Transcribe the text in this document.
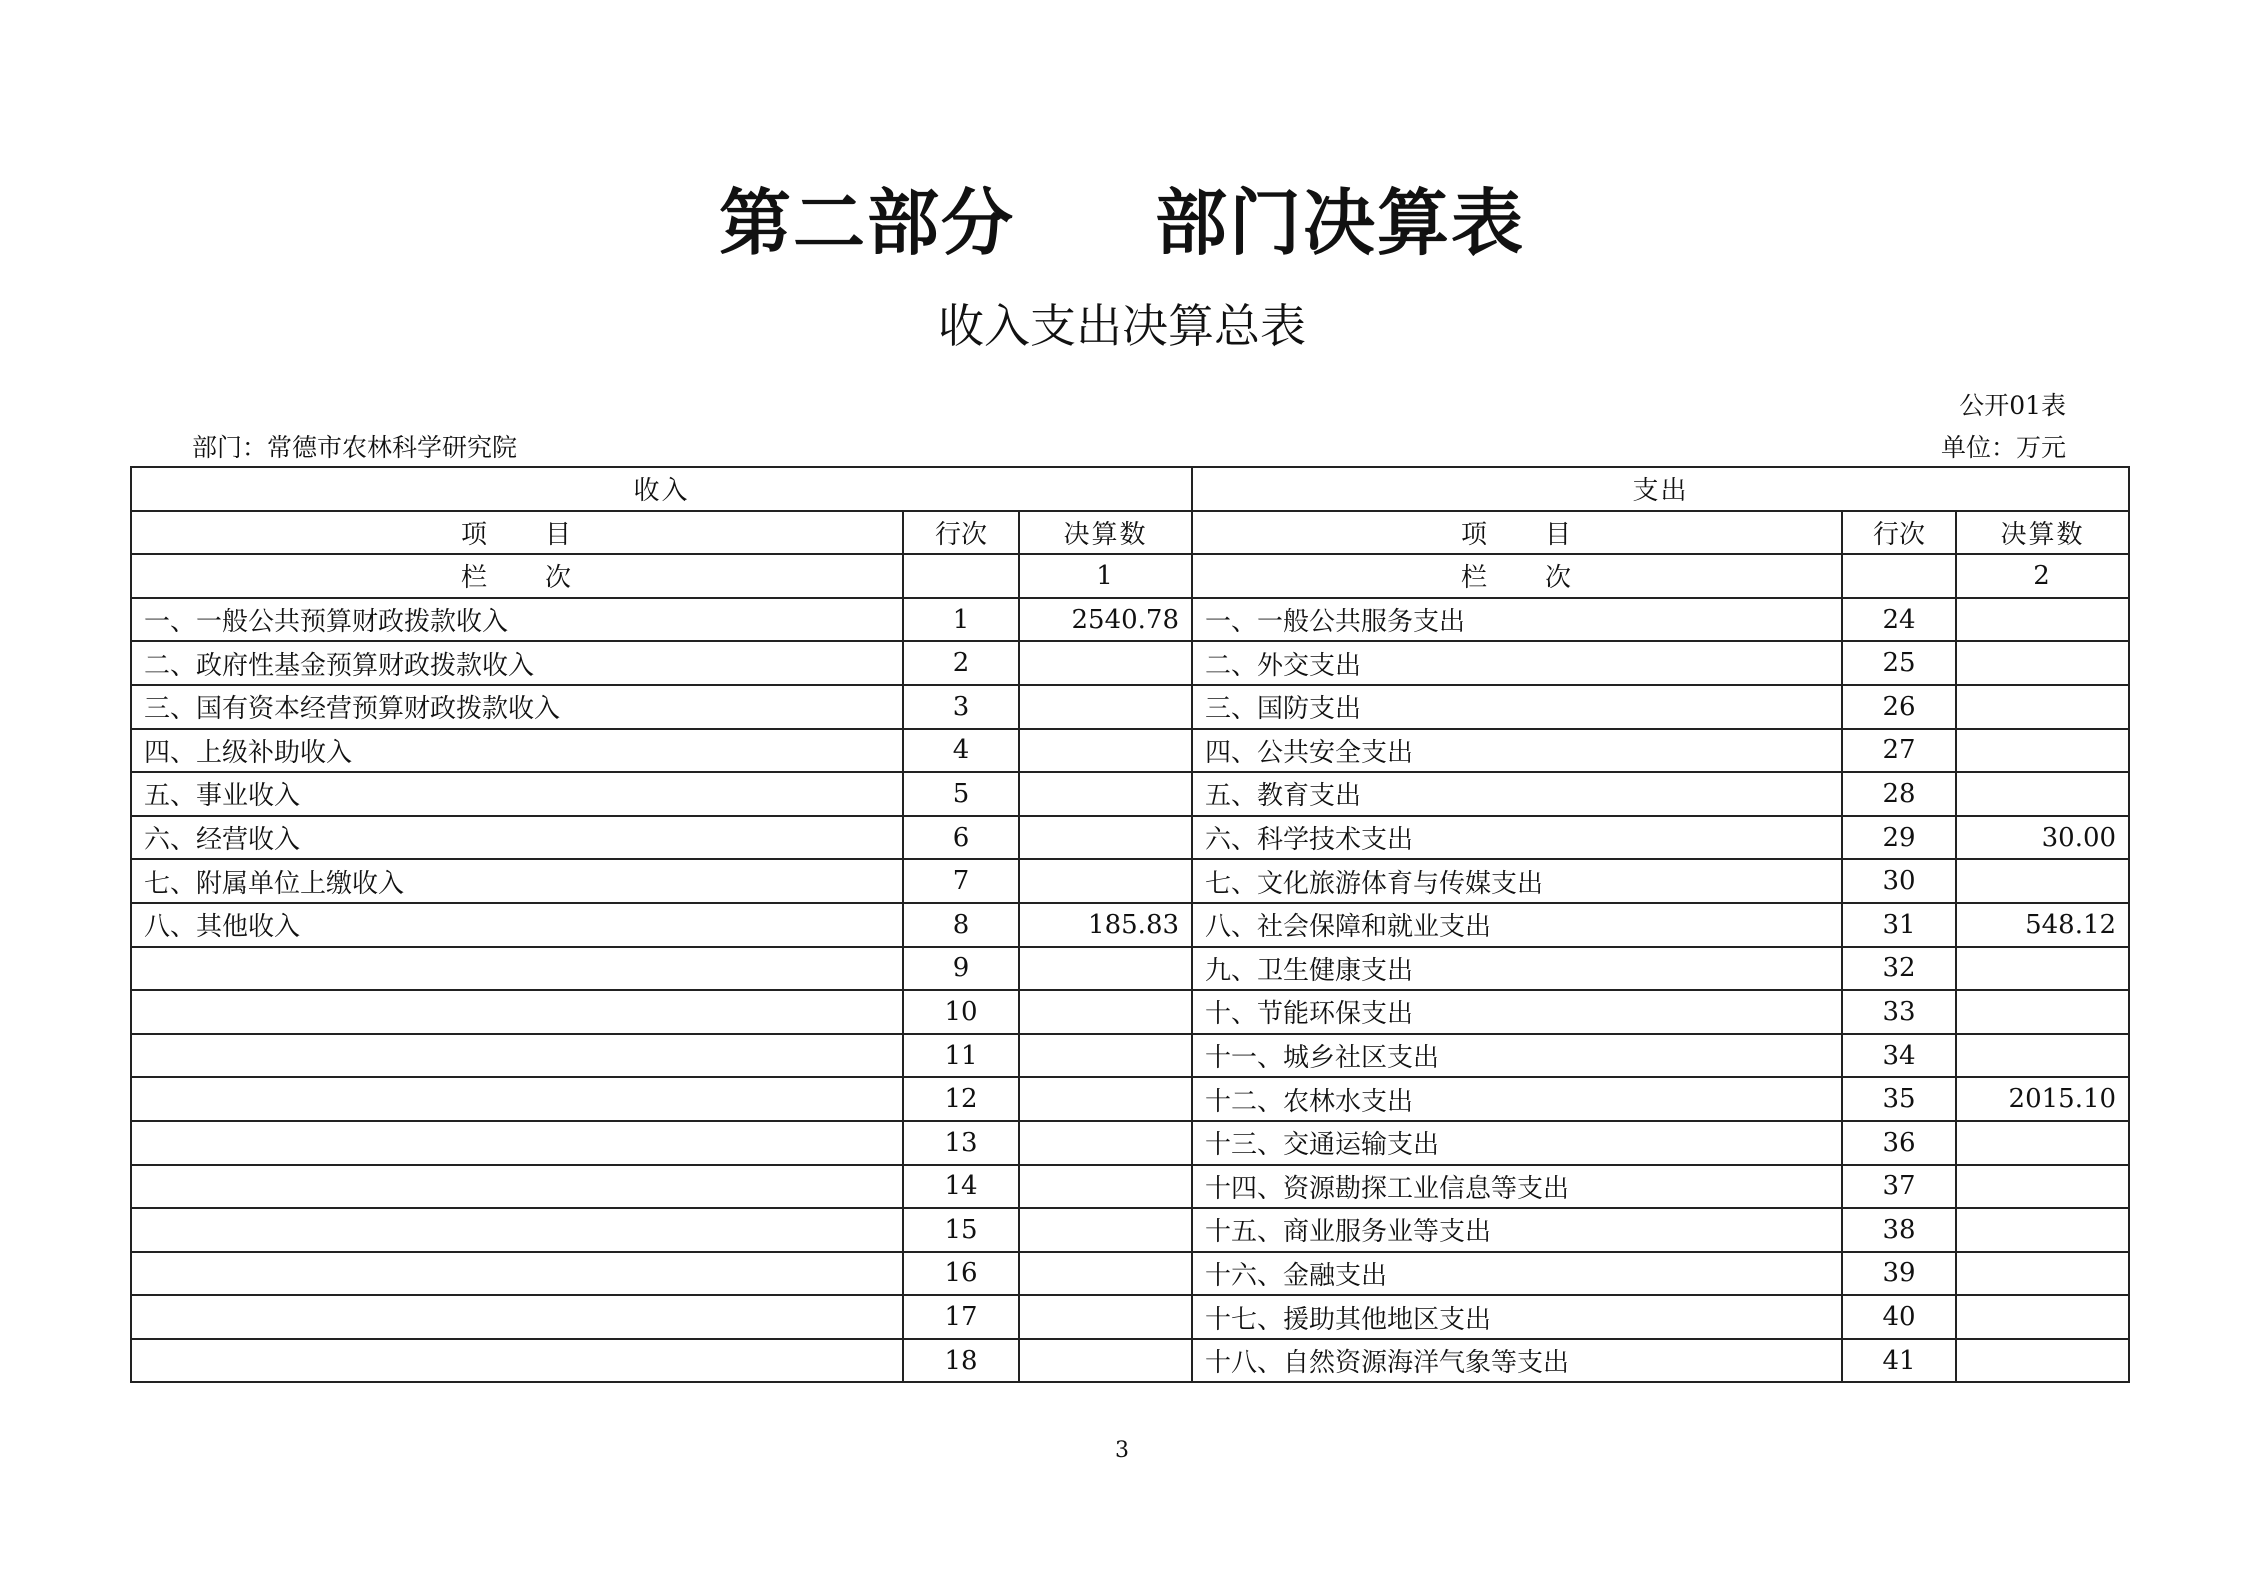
第二部分 部门决算表
收入支出决算总表
公开01表
部门：常德市农林科学研究院	单位：万元
收入			支出		
项　　目	行次	决算数	项　　目	行次	决算数
栏　　次		1	栏　　次		2
一、一般公共预算财政拨款收入	1	2540.78	一、一般公共服务支出	24	
二、政府性基金预算财政拨款收入	2		二、外交支出	25	
三、国有资本经营预算财政拨款收入	3		三、国防支出	26	
四、上级补助收入	4		四、公共安全支出	27	
五、事业收入	5		五、教育支出	28	
六、经营收入	6		六、科学技术支出	29	30.00
七、附属单位上缴收入	7		七、文化旅游体育与传媒支出	30	
八、其他收入	8	185.83	八、社会保障和就业支出	31	548.12
	9		九、卫生健康支出	32	
	10		十、节能环保支出	33	
	11		十一、城乡社区支出	34	
	12		十二、农林水支出	35	2015.10
	13		十三、交通运输支出	36	
	14		十四、资源勘探工业信息等支出	37	
	15		十五、商业服务业等支出	38	
	16		十六、金融支出	39	
	17		十七、援助其他地区支出	40	
	18		十八、自然资源海洋气象等支出	41	
3
